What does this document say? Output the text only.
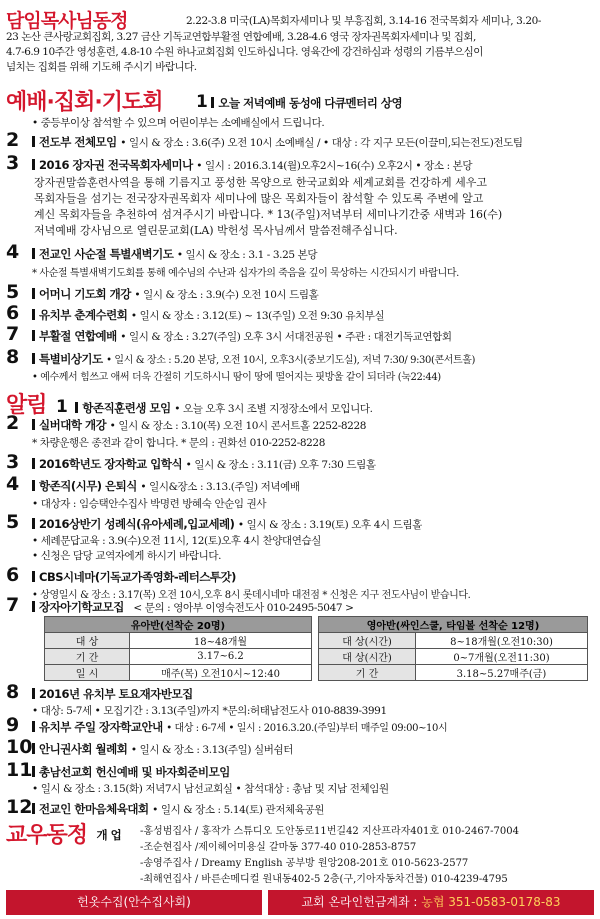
담임목사님동정	2.22-3.8 미국(LA)목회자세미나 및 부흥집회, 3.14-16 전국목회자 세미나, 3.20-
23 논산 큰사랑교회집회, 3.27 금산 기독교연합부활절 연합예배, 3.28-4.6 영국 장자권목회자세미나 및 집회,
4.7-6.9 10주간 영성훈련, 4.8-10 수원 하나교회집회 인도하십니다. 영육간에 강건하심과 성령의 기름부으심이
넘치는 집회를 위해 기도해 주시기 바랍니다.
예배·집회·기도회	1 오늘 저녁예배 동성애 다큐멘터리 상영
• 중등부이상 참석할 수 있으며 어린이부는 소예배실에서 드립니다.
2	전도부 전체모임 • 일시 & 장소 : 3.6(주) 오전 10시 소예배실 / • 대상 : 각 지구 모든(이끌미,되는전도)전도팀
3	2016 장자권 전국목회자세미나 • 일시 : 2016.3.14(월)오후2시~16(수) 오후2시 • 장소 : 본당
장자권말씀훈련사역을 통해 기름지고 풍성한 목양으로 한국교회와 세계교회를 건강하게 세우고
목회자들을 섬기는 전국장자권목회자 세미나에 많은 목회자들이 참석할 수 있도록 주변에 알고
계신 목회자들을 추천하여 섬겨주시기 바랍니다. * 13(주일)저녁부터 세미나기간중 새벽과 16(수)
저녁예배 강사님으로 열린문교회(LA) 박헌성 목사님께서 말씀전해주십니다.
4	전교인 사순절 특별새벽기도 • 일시 & 장소 : 3.1 - 3.25 본당
* 사순절 특별새벽기도회를 통해 예수님의 수난과 십자가의 죽음을 깊이 묵상하는 시간되시기 바랍니다.
5	어머니 기도회 개강 • 일시 & 장소 : 3.9(수) 오전 10시 드림홀
6	유치부 춘계수련회 • 일시 & 장소 : 3.12(토) ~ 13(주일) 오전 9:30 유치부실
7	부활절 연합예배 • 일시 & 장소 : 3.27(주일) 오후 3시 서대전공원 • 주관 : 대전기독교연합회
8	특별비상기도 • 일시 & 장소 : 5.20 본당, 오전 10시, 오후3시(중보기도실), 저녁 7:30/ 9:30(콘서트홀)
• 예수께서 힘쓰고 애써 더욱 간절히 기도하시니 땀이 땅에 떨어지는 핏방울 같이 되더라 (눅22:44)
알림 1 항존직훈련생 모임 • 오늘 오후 3시 조별 지정장소에서 모입니다.
2	실버대학 개강 • 일시 & 장소 : 3.10(목) 오전 10시 콘서트홀 2252-8228
* 차량운행은 종전과 같이 합니다. * 문의 : 권화선 010-2252-8228
3	2016학년도 장자학교 입학식 • 일시 & 장소 : 3.11(금) 오후 7:30 드림홀
4	항존직(시무) 은퇴식 • 일시&장소 : 3.13.(주일) 저녁예배
• 대상자 : 임승택안수집사 박명련 방혜숙 안순임 권사
5	2016상반기 성례식(유아세례,입교세례) • 일시 & 장소 : 3.19(토) 오후 4시 드림홀
• 세례문답교육 : 3.9(수)오전 11시, 12(토)오후 4시 찬양대연습실
• 신청은 담당 교역자에게 하시기 바랍니다.
6	CBS시네마(기독교가족영화-레터스투갓)
• 상영일시 & 장소 : 3.17(목) 오전 10시,오후 8시 롯데시네마 대전점 * 신청은 지구 전도사님이 받습니다.
7	장자아기학교모집 < 문의 : 영아부 이영숙전도사 010-2495-5047 >
유아반(선착순 20명)	
대 상	18~48개월
기 간	3.17~6.2
일 시	매주(목) 오전10시~12:40
영아반(싸인스쿨, 타임볼 선착순 12명)	
대 상(시간)	8~18개월(오전10:30)
대 상(시간)	0~7개월(오전11:30)
기 간	3.18~5.27매주(금)
8	2016년 유치부 토요재자반모집
• 대상: 5-7세 • 모집기간 : 3.13(주일)까지 *문의:허태남전도사 010-8839-3991
9	유치부 주일 장자학교안내 • 대상 : 6-7세 • 일시 : 2016.3.20.(주일)부터 매주일 09:00~10시
10 안니권사회 월례회 • 일시 & 장소 : 3.13(주일) 실버쉼터
11 총남선교회 헌신예배 및 바자회준비모임
• 일시 & 장소 : 3.15(화) 저녁7시 남선교회실 • 참석대상 : 총남 및 지남 전체임원
12 전교인 한마음체육대회 • 일시 & 장소 : 5.14(토) 관저체육공원
교우동정 개 업	-홍성범집사 / 홍작가 스튜디오 도안동로11번길42 지산프라자401호 010-2467-7004
-조순현집사 /제이헤어미용실 갈마동 377-40 010-2853-8757
-송영주집사 / Dreamy English 공부방 원앙208-201호 010-5623-2577
-최해연집사 / 바른손메디컬 원내동402-5 2층(구,기아자동차건물) 010-4239-4795
헌옷수집(안수집사회)	교회 온라인헌금계좌 : 농협 351-0583-0178-83
